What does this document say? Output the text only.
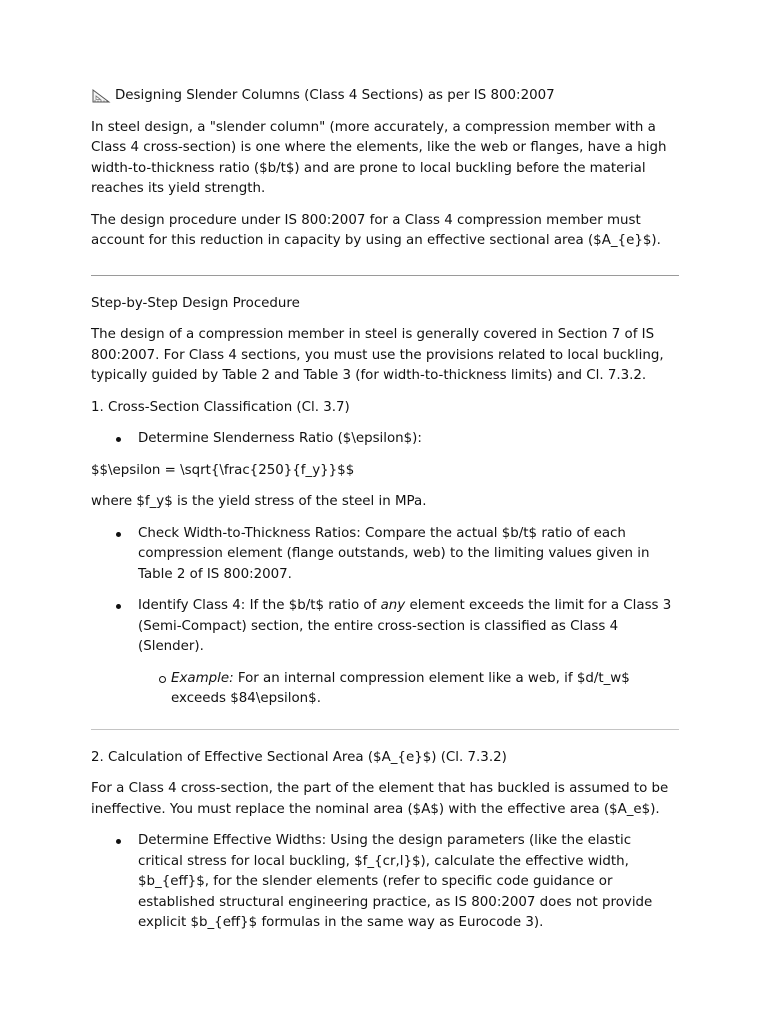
Designing Slender Columns (Class 4 Sections) as per IS 800:2007

In steel design, a "slender column" (more accurately, a compression member with a Class 4 cross-section) is one where the elements, like the web or flanges, have a high width-to-thickness ratio ($b/t$) and are prone to local buckling before the material reaches its yield strength.

The design procedure under IS 800:2007 for a Class 4 compression member must account for this reduction in capacity by using an effective sectional area ($A_{e}$).

Step-by-Step Design Procedure

The design of a compression member in steel is generally covered in Section 7 of IS 800:2007. For Class 4 sections, you must use the provisions related to local buckling, typically guided by Table 2 and Table 3 (for width-to-thickness limits) and Cl. 7.3.2.

1. Cross-Section Classification (Cl. 3.7)

Determine Slenderness Ratio ($\epsilon$):

$$\epsilon = \sqrt{\frac{250}{f_y}}$$

where $f_y$ is the yield stress of the steel in MPa.

Check Width-to-Thickness Ratios: Compare the actual $b/t$ ratio of each compression element (flange outstands, web) to the limiting values given in Table 2 of IS 800:2007.
Identify Class 4: If the $b/t$ ratio of any element exceeds the limit for a Class 3 (Semi-Compact) section, the entire cross-section is classified as Class 4 (Slender).
Example: For an internal compression element like a web, if $d/t_w$ exceeds $84\epsilon$.

2. Calculation of Effective Sectional Area ($A_{e}$) (Cl. 7.3.2)

For a Class 4 cross-section, the part of the element that has buckled is assumed to be ineffective. You must replace the nominal area ($A$) with the effective area ($A_e$).

Determine Effective Widths: Using the design parameters (like the elastic critical stress for local buckling, $f_{cr,l}$), calculate the effective width, $b_{eff}$, for the slender elements (refer to specific code guidance or established structural engineering practice, as IS 800:2007 does not provide explicit $b_{eff}$ formulas in the same way as Eurocode 3).
